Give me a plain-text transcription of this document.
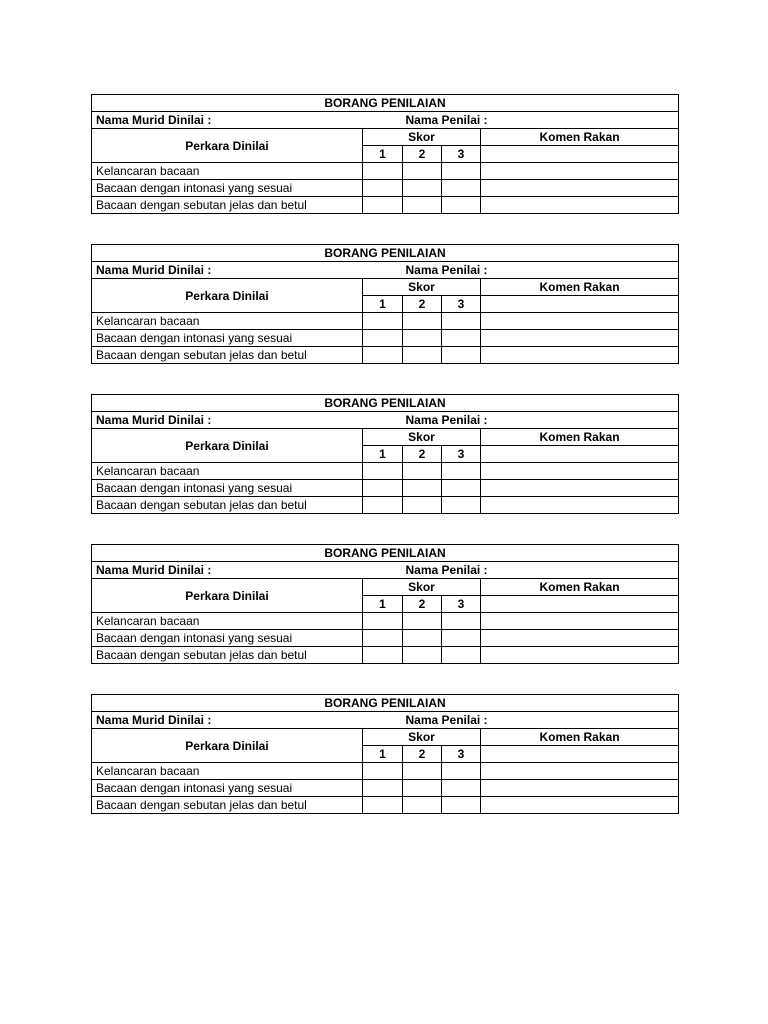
BORANG PENILAIAN				
Nama Murid Dinilai :	Nama Penilai :			
Perkara Dinilai	Skor			Komen Rakan
	1	2	3	
Kelancaran bacaan				
Bacaan dengan intonasi yang sesuai				
Bacaan dengan sebutan jelas dan betul				
BORANG PENILAIAN				
Nama Murid Dinilai :	Nama Penilai :			
Perkara Dinilai	Skor			Komen Rakan
	1	2	3	
Kelancaran bacaan				
Bacaan dengan intonasi yang sesuai				
Bacaan dengan sebutan jelas dan betul				
BORANG PENILAIAN				
Nama Murid Dinilai :	Nama Penilai :			
Perkara Dinilai	Skor			Komen Rakan
	1	2	3	
Kelancaran bacaan				
Bacaan dengan intonasi yang sesuai				
Bacaan dengan sebutan jelas dan betul				
BORANG PENILAIAN				
Nama Murid Dinilai :	Nama Penilai :			
Perkara Dinilai	Skor			Komen Rakan
	1	2	3	
Kelancaran bacaan				
Bacaan dengan intonasi yang sesuai				
Bacaan dengan sebutan jelas dan betul				
BORANG PENILAIAN				
Nama Murid Dinilai :	Nama Penilai :			
Perkara Dinilai	Skor			Komen Rakan
	1	2	3	
Kelancaran bacaan				
Bacaan dengan intonasi yang sesuai				
Bacaan dengan sebutan jelas dan betul				
